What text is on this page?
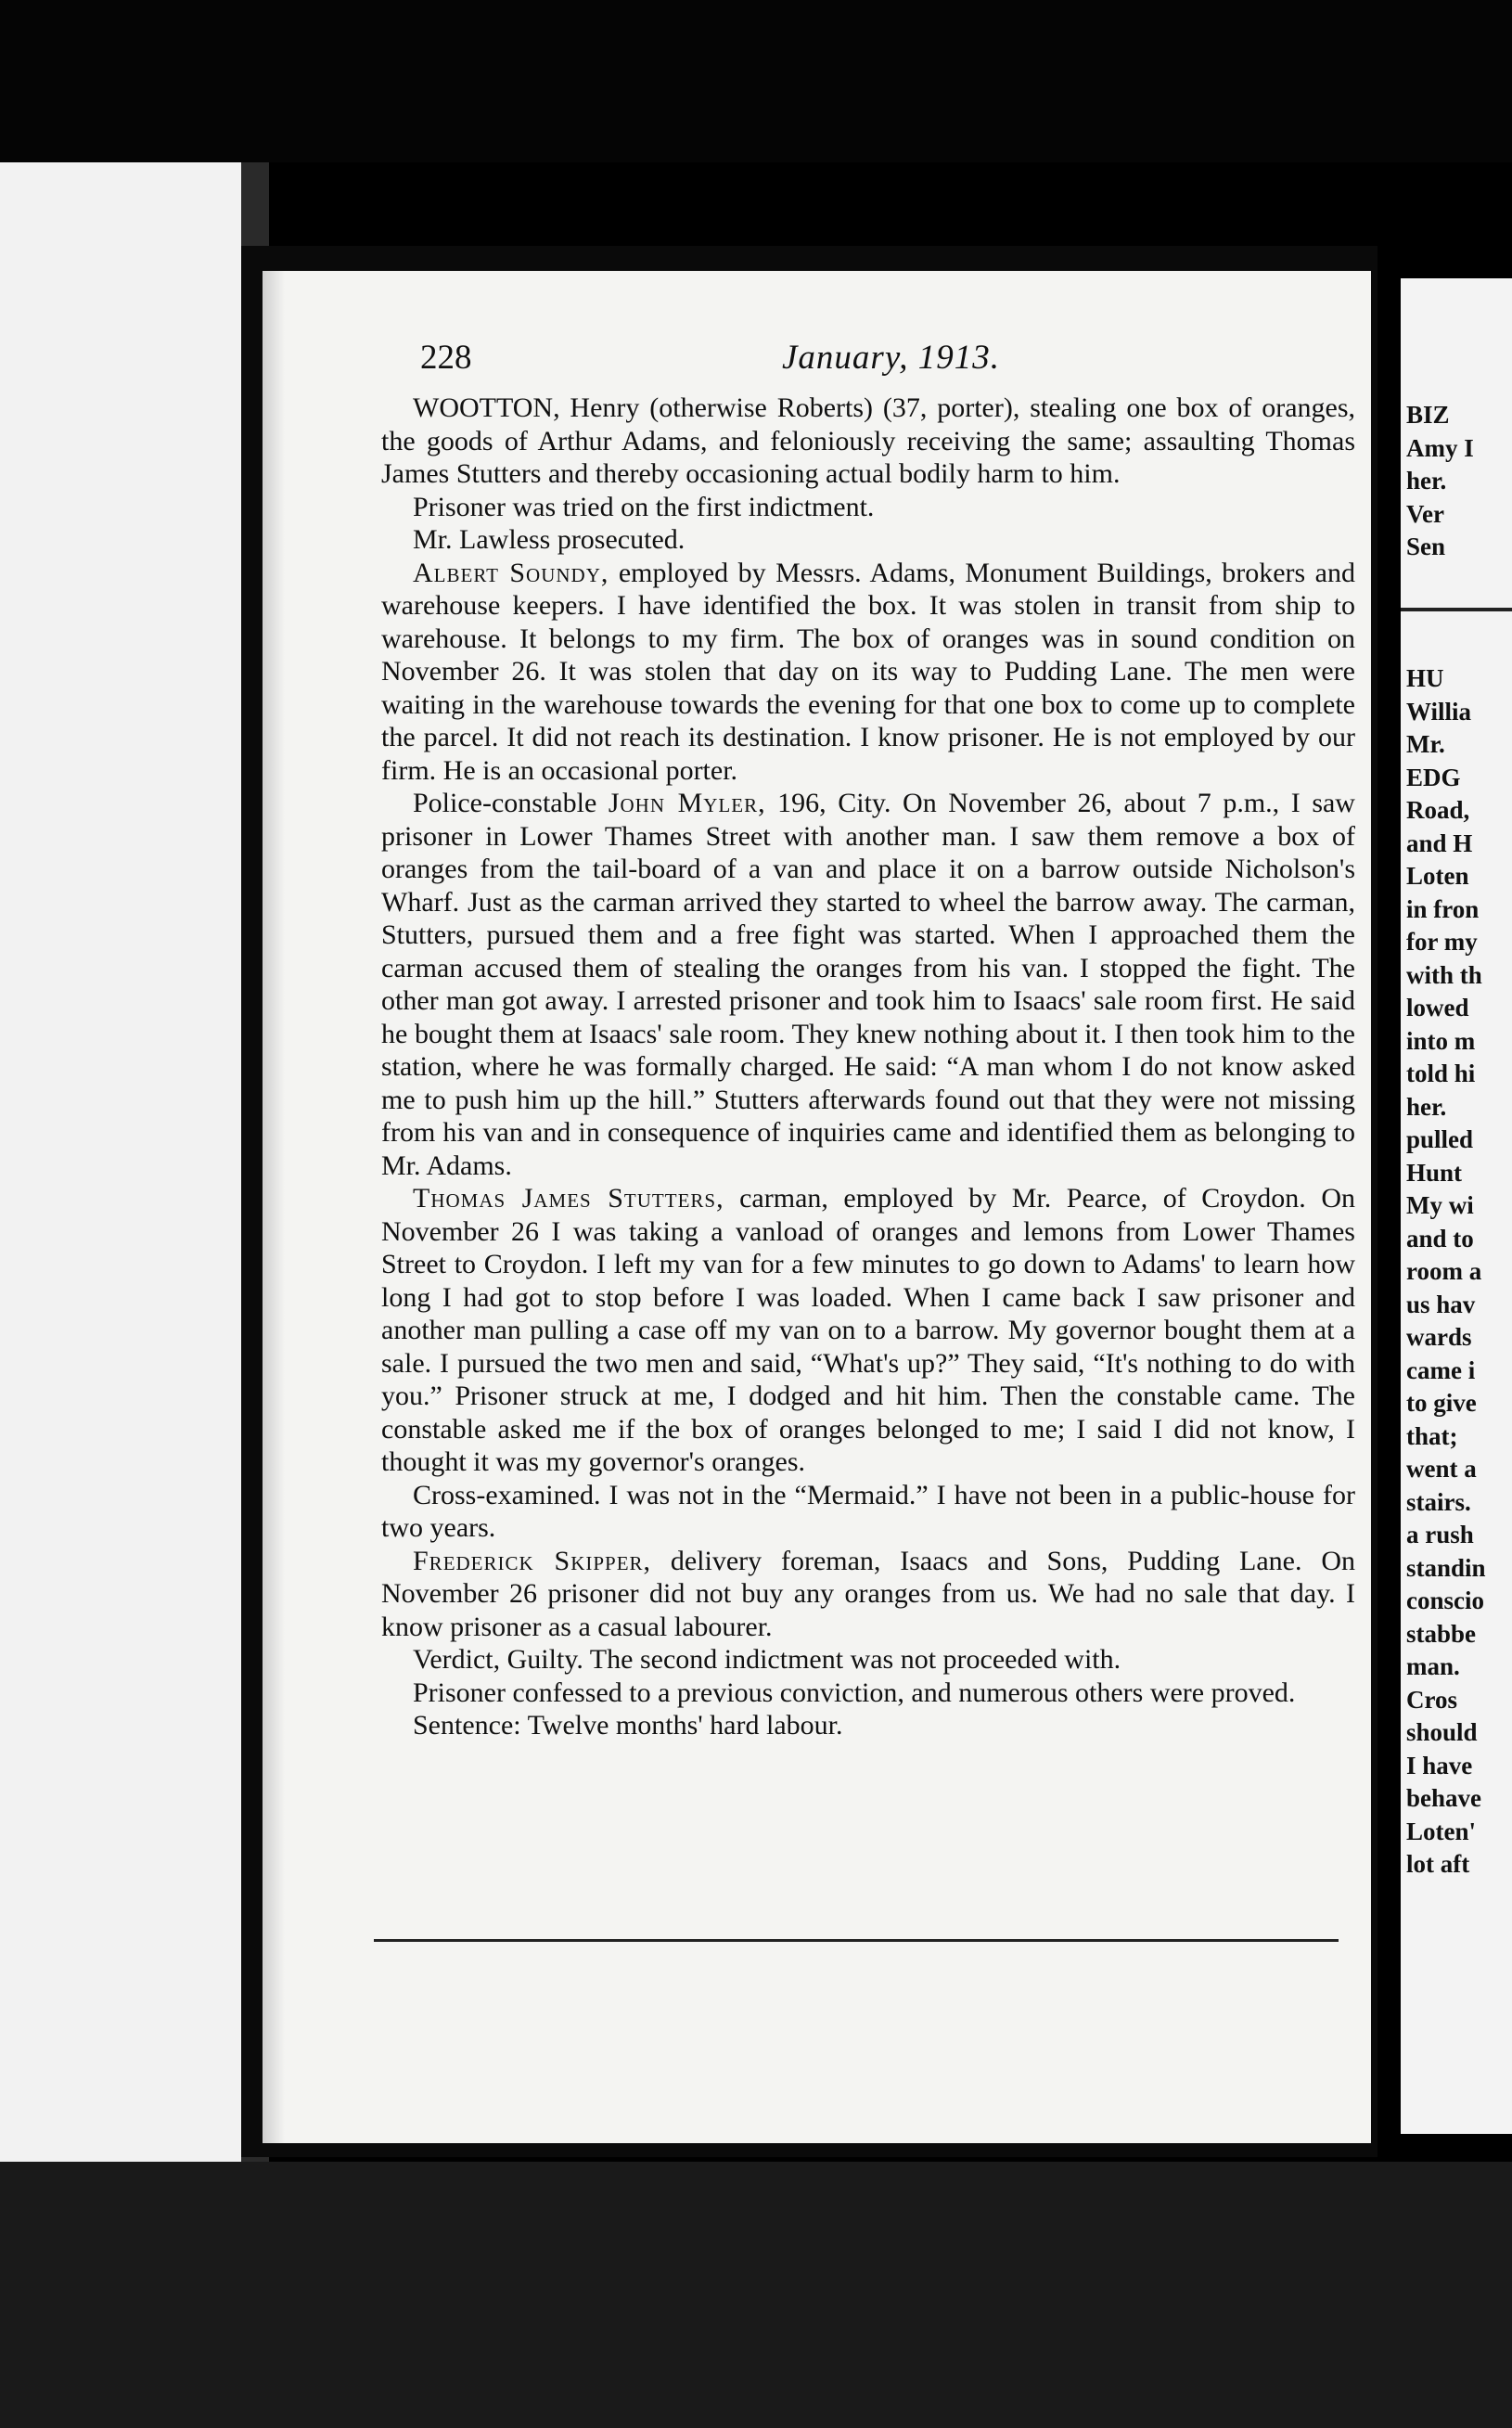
228	January, 1913.

WOOTTON, Henry (otherwise Roberts) (37, porter), stealing one box of oranges, the goods of Arthur Adams, and feloniously receiving the same; assaulting Thomas James Stutters and thereby occasioning actual bodily harm to him.

Prisoner was tried on the first indictment.

Mr. Lawless prosecuted.

Albert Soundy, employed by Messrs. Adams, Monument Buildings, brokers and warehouse keepers. I have identified the box. It was stolen in transit from ship to warehouse. It belongs to my firm. The box of oranges was in sound condition on November 26. It was stolen that day on its way to Pudding Lane. The men were waiting in the warehouse towards the evening for that one box to come up to complete the parcel. It did not reach its destination. I know prisoner. He is not employed by our firm. He is an occasional porter.

Police-constable John Myler, 196, City. On November 26, about 7 p.m., I saw prisoner in Lower Thames Street with another man. I saw them remove a box of oranges from the tail-board of a van and place it on a barrow outside Nicholson's Wharf. Just as the carman arrived they started to wheel the barrow away. The carman, Stutters, pursued them and a free fight was started. When I approached them the carman accused them of stealing the oranges from his van. I stopped the fight. The other man got away. I arrested prisoner and took him to Isaacs' sale room first. He said he bought them at Isaacs' sale room. They knew nothing about it. I then took him to the station, where he was formally charged. He said: “A man whom I do not know asked me to push him up the hill.” Stutters afterwards found out that they were not missing from his van and in consequence of inquiries came and identified them as belonging to Mr. Adams.

Thomas James Stutters, carman, employed by Mr. Pearce, of Croydon. On November 26 I was taking a vanload of oranges and lemons from Lower Thames Street to Croydon. I left my van for a few minutes to go down to Adams' to learn how long I had got to stop before I was loaded. When I came back I saw prisoner and another man pulling a case off my van on to a barrow. My governor bought them at a sale. I pursued the two men and said, “What's up?” They said, “It's nothing to do with you.” Prisoner struck at me, I dodged and hit him. Then the constable came. The constable asked me if the box of oranges belonged to me; I said I did not know, I thought it was my governor's oranges.

Cross-examined. I was not in the “Mermaid.” I have not been in a public-house for two years.

Frederick Skipper, delivery foreman, Isaacs and Sons, Pudding Lane. On November 26 prisoner did not buy any oranges from us. We had no sale that day. I know prisoner as a casual labourer.

Verdict, Guilty. The second indictment was not proceeded with.

Prisoner confessed to a previous conviction, and numerous others were proved.

Sentence: Twelve months' hard labour.

BIZ
Amy I
her.
Ver
Sen
HU
Willia
Mr.
EDG
Road,
and H
Loten
in fron
for my
with th
lowed
into m
told hi
her.
pulled
Hunt
My wi
and to
room a
us hav
wards
came i
to give
that;
went a
stairs.
a rush
standin
conscio
stabbe
man.
Cros
should
I have
behave
Loten'
lot aft
